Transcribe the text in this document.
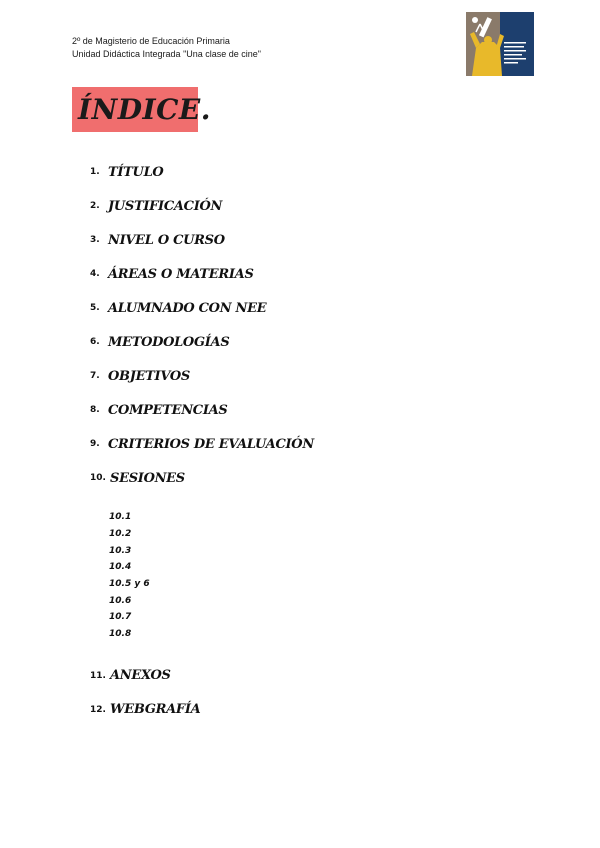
2º de Magisterio de Educación Primaria
Unidad Didáctica Integrada "Una clase de cine"
ÍNDICE.
1. TÍTULO
2. JUSTIFICACIÓN
3. NIVEL O CURSO
4. ÁREAS O MATERIAS
5. ALUMNADO CON NEE
6. METODOLOGÍAS
7. OBJETIVOS
8. COMPETENCIAS
9. CRITERIOS DE EVALUACIÓN
10. SESIONES
10.1
10.2
10.3
10.4
10.5 y 6
10.6
10.7
10.8
11. ANEXOS
12. WEBGRAFÍA
